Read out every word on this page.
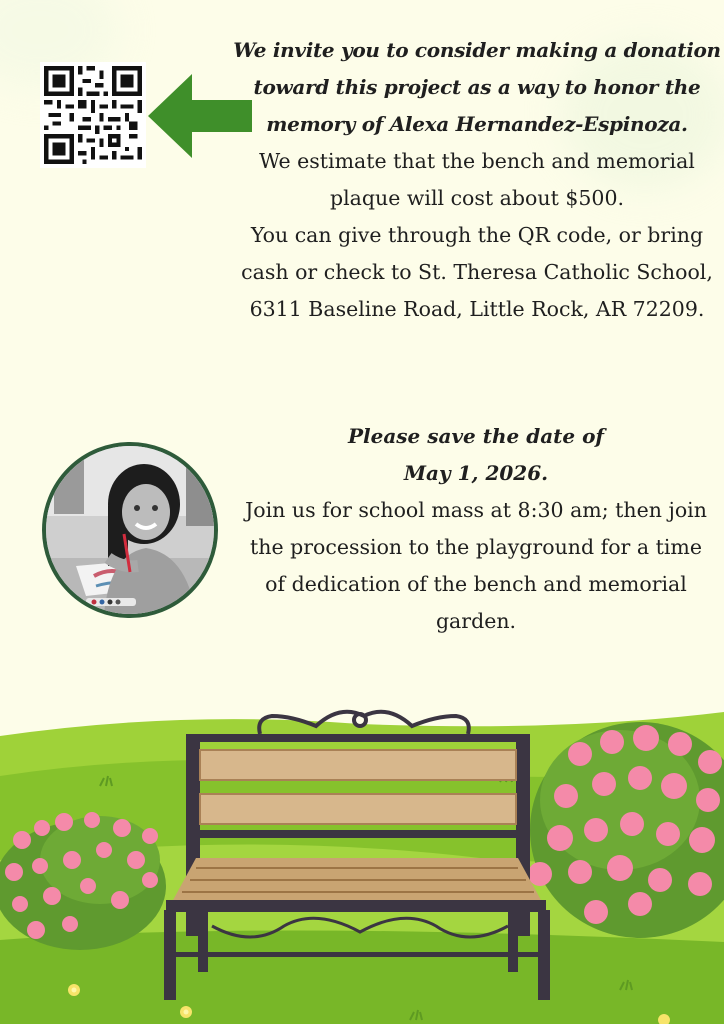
We invite you to consider making a donation
toward this project as a way to honor the
memory of Alexa Hernandez-Espinoza.
We estimate that the bench and memorial
plaque will cost about $500.
You can give through the QR code, or bring
cash or check to St. Theresa Catholic School,
6311 Baseline Road, Little Rock, AR 72209.
Please save the date of
May 1, 2026.
Join us for school mass at 8:30 am; then join
the procession to the playground for a time
of dedication of the bench and memorial
garden.
